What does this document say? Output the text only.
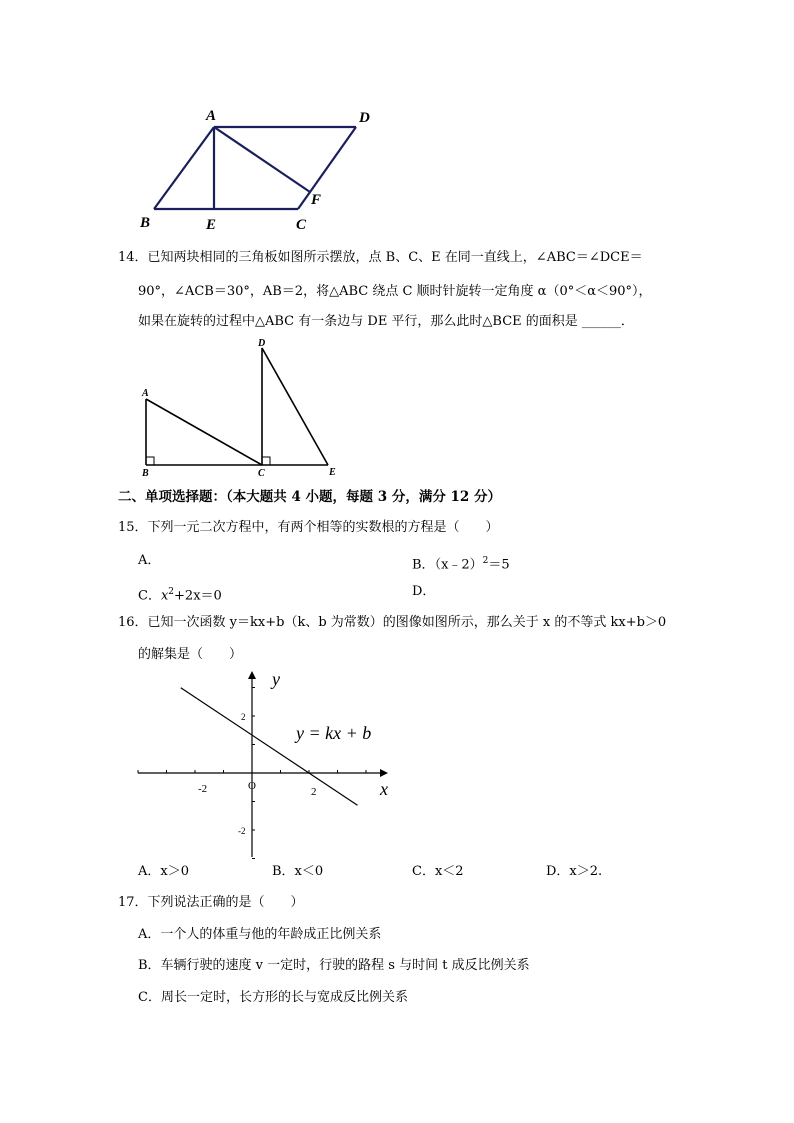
A	D
B	E	C
F
14．已知两块相同的三角板如图所示摆放，点 B、C、E 在同一直线上，∠ABC＝∠DCE＝
90°，∠ACB＝30°，AB＝2，将△ABC 绕点 C 顺时针旋转一定角度 α（0°＜α＜90°），
如果在旋转的过程中△ABC 有一条边与 DE 平行，那么此时△BCE 的面积是 ______．
A
B	C
D
E
二、单项选择题：（本大题共 4 小题，每题 3 分，满分 12 分）
15．下列一元二次方程中，有两个相等的实数根的方程是（　　）
A．	B．（x﹣2）$^2$＝5
C．$x^2+2x=0$	D．
16．已知一次函数 y＝kx+b（k、b 为常数）的图像如图所示，那么关于 x 的不等式 kx+b＞0
的解集是（　　）
x
y
O
-2	2
2
-2
y = kx + b
A．x＞0	B．x＜0	C．x＜2	D．x＞2.
17．下列说法正确的是（　　）
A．一个人的体重与他的年龄成正比例关系
B．车辆行驶的速度 v 一定时，行驶的路程 s 与时间 t 成反比例关系
C．周长一定时，长方形的长与宽成反比例关系
